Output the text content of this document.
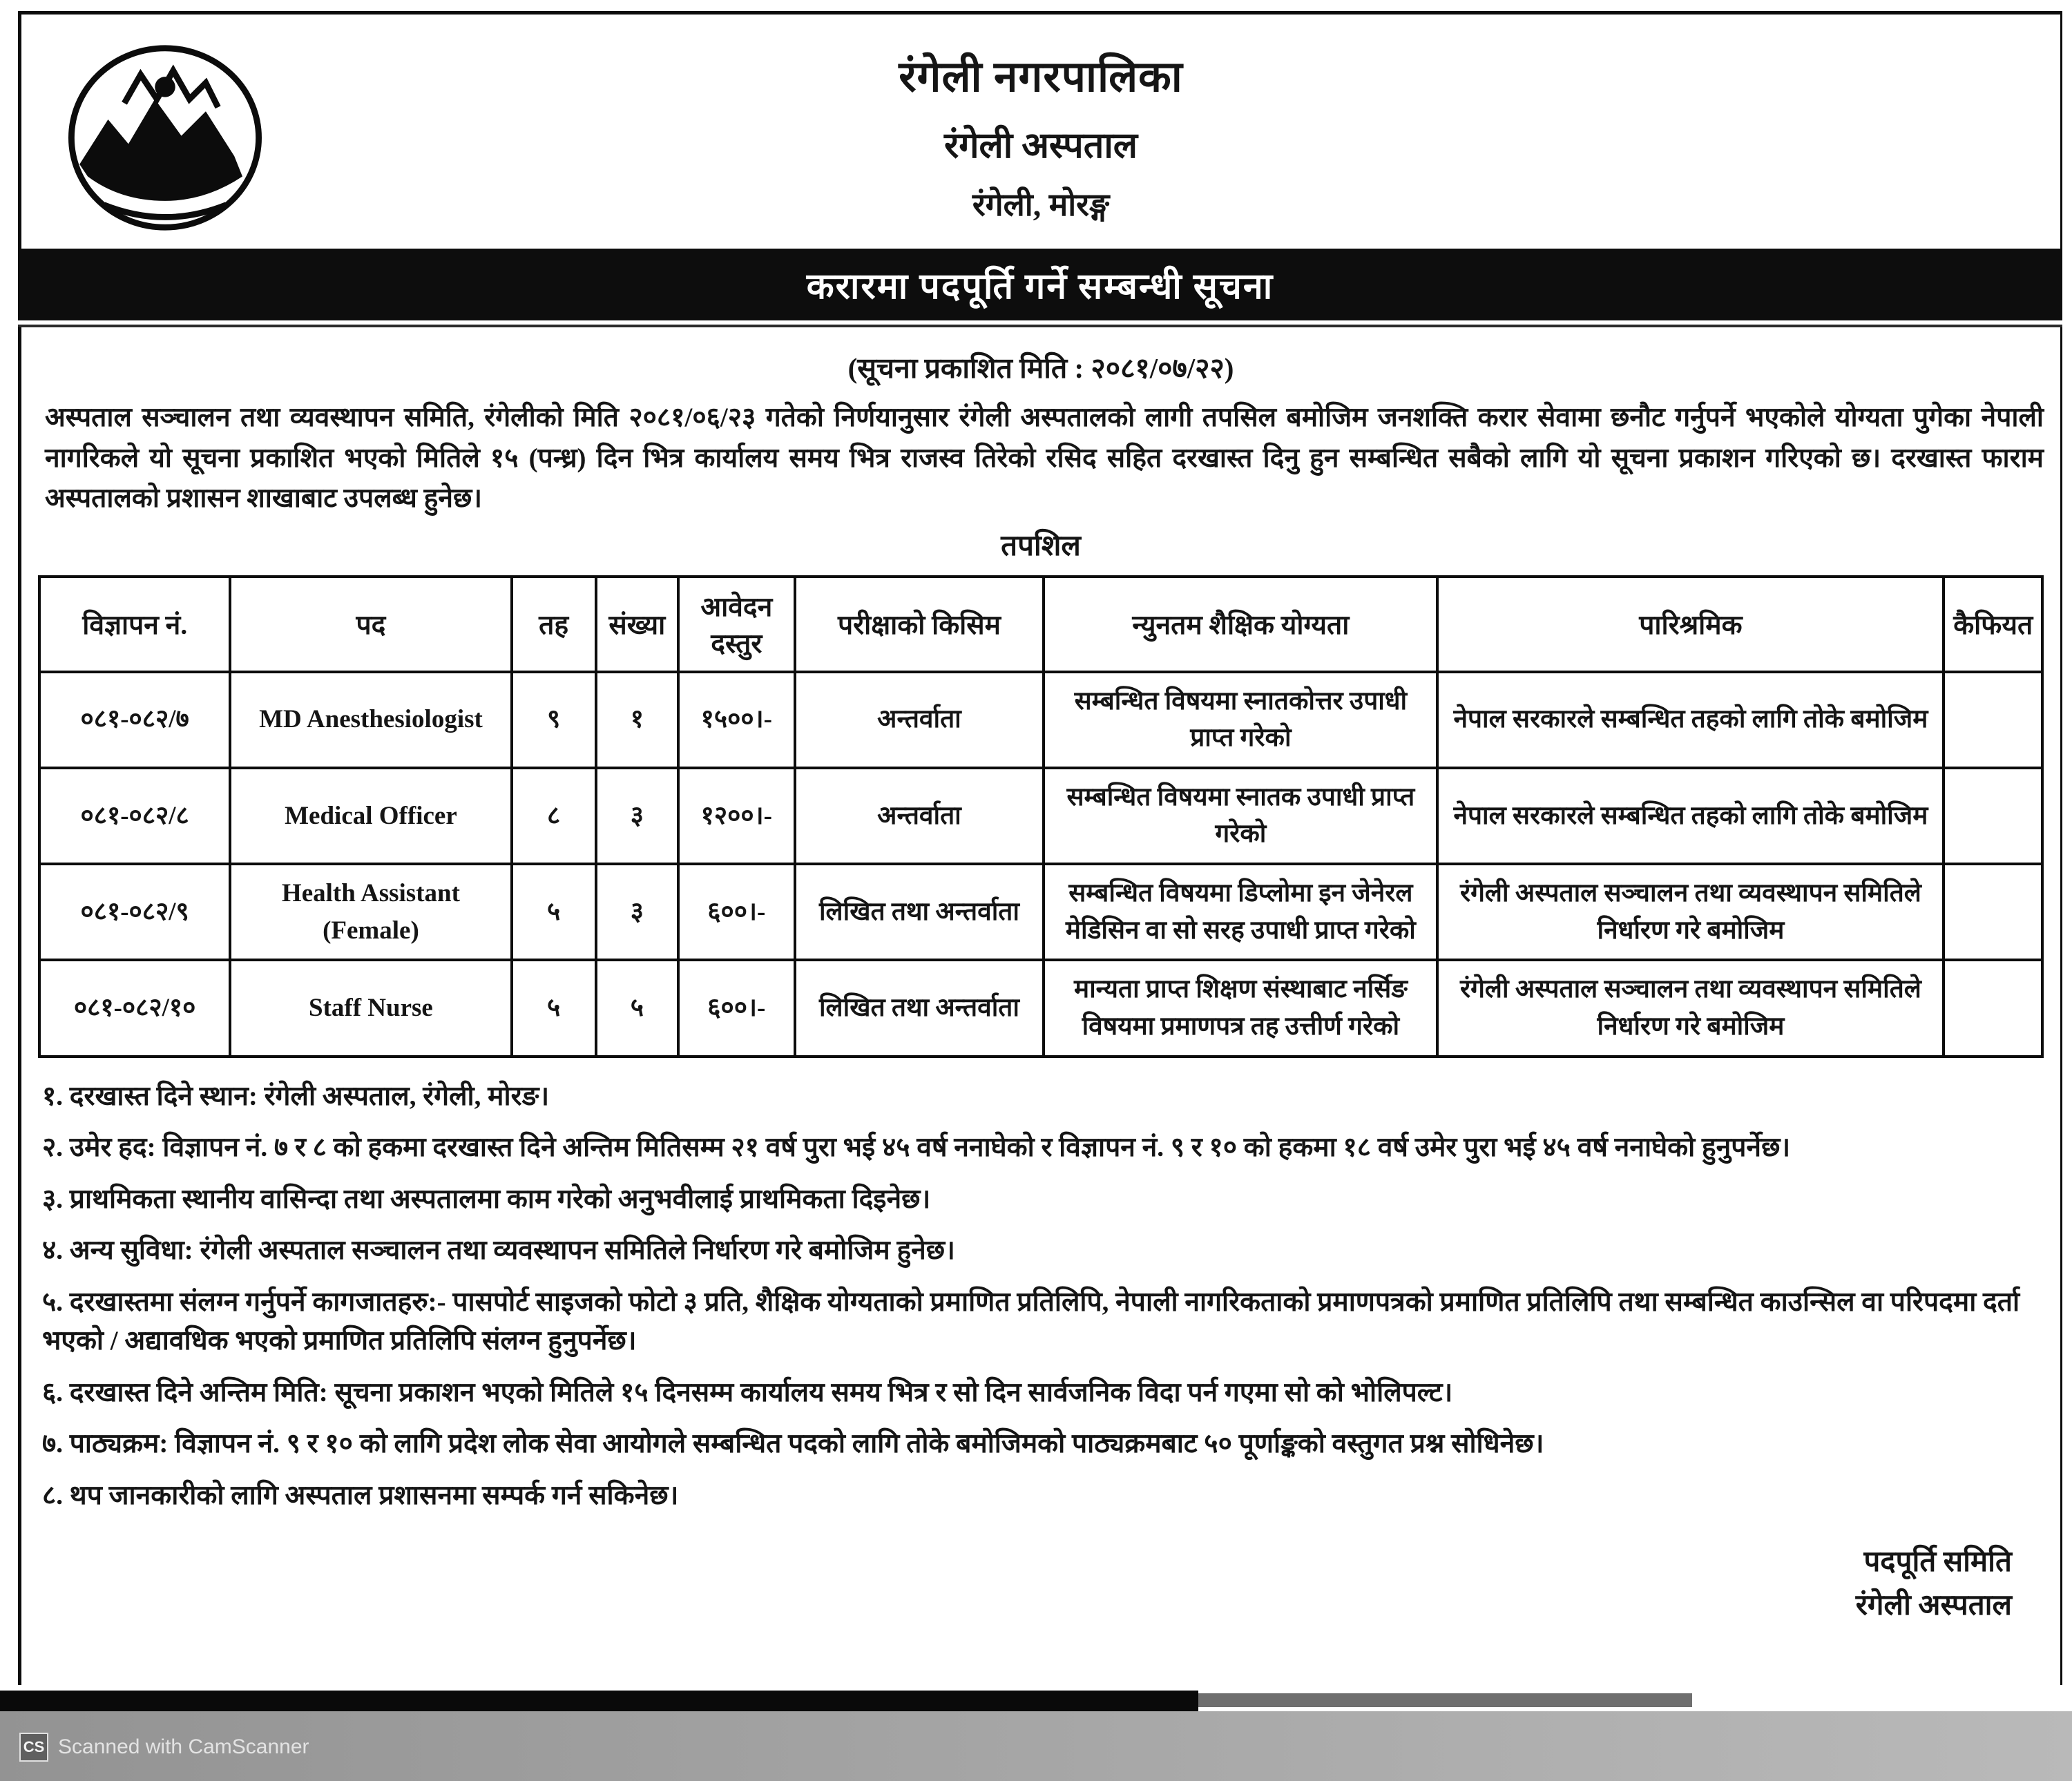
रंगेली नगरपालिका
रंगेली अस्पताल
रंगेली, मोरङ्ग
करारमा पदपूर्ति गर्ने सम्बन्धी सूचना
(सूचना प्रकाशित मिति : २०८१/०७/२२)

अस्पताल सञ्चालन तथा व्यवस्थापन समिति, रंगेलीको मिति २०८१/०६/२३ गतेको निर्णयानुसार रंगेली अस्पतालको लागी तपसिल बमोजिम जनशक्ति करार सेवामा छनौट गर्नुपर्ने भएकोले योग्यता पुगेका नेपाली नागरिकले यो सूचना प्रकाशित भएको मितिले १५ (पन्ध्र) दिन भित्र कार्यालय समय भित्र राजस्व तिरेको रसिद सहित दरखास्त दिनु हुन सम्बन्धित सबैको लागि यो सूचना प्रकाशन गरिएको छ। दरखास्त फाराम अस्पतालको प्रशासन शाखाबाट उपलब्ध हुनेछ।

तपशिल
विज्ञापन नं.	पद	तह	संख्या	आवेदन दस्तुर	परीक्षाको किसिम	न्युनतम शैक्षिक योग्यता	पारिश्रमिक	कैफियत
०८१-०८२/७	MD Anesthesiologist	९	१	१५००।-	अन्तर्वाता	सम्बन्धित विषयमा स्नातकोत्तर उपाधी प्राप्त गरेको	नेपाल सरकारले सम्बन्धित तहको लागि तोके बमोजिम	
०८१-०८२/८	Medical Officer	८	३	१२००।-	अन्तर्वाता	सम्बन्धित विषयमा स्नातक उपाधी प्राप्त गरेको	नेपाल सरकारले सम्बन्धित तहको लागि तोके बमोजिम	
०८१-०८२/९	Health Assistant (Female)	५	३	६००।-	लिखित तथा अन्तर्वाता	सम्बन्धित विषयमा डिप्लोमा इन जेनेरल मेडिसिन वा सो सरह उपाधी प्राप्त गरेको	रंगेली अस्पताल सञ्चालन तथा व्यवस्थापन समितिले निर्धारण गरे बमोजिम	
०८१-०८२/१०	Staff Nurse	५	५	६००।-	लिखित तथा अन्तर्वाता	मान्यता प्राप्त शिक्षण संस्थाबाट नर्सिङ विषयमा प्रमाणपत्र तह उत्तीर्ण गरेको	रंगेली अस्पताल सञ्चालन तथा व्यवस्थापन समितिले निर्धारण गरे बमोजिम	
१. दरखास्त दिने स्थान: रंगेली अस्पताल, रंगेली, मोरङ।
२. उमेर हद: विज्ञापन नं. ७ र ८ को हकमा दरखास्त दिने अन्तिम मितिसम्म २१ वर्ष पुरा भई ४५ वर्ष ननाघेको र विज्ञापन नं. ९ र १० को हकमा १८ वर्ष उमेर पुरा भई ४५ वर्ष ननाघेको हुनुपर्नेछ।
३. प्राथमिकता स्थानीय वासिन्दा तथा अस्पतालमा काम गरेको अनुभवीलाई प्राथमिकता दिइनेछ।
४. अन्य सुविधा: रंगेली अस्पताल सञ्चालन तथा व्यवस्थापन समितिले निर्धारण गरे बमोजिम हुनेछ।
५. दरखास्तमा संलग्न गर्नुपर्ने कागजातहरु:- पासपोर्ट साइजको फोटो ३ प्रति, शैक्षिक योग्यताको प्रमाणित प्रतिलिपि, नेपाली नागरिकताको प्रमाणपत्रको प्रमाणित प्रतिलिपि तथा सम्बन्धित काउन्सिल वा परिपदमा दर्ता भएको / अद्यावधिक भएको प्रमाणित प्रतिलिपि संलग्न हुनुपर्नेछ।
६. दरखास्त दिने अन्तिम मिति: सूचना प्रकाशन भएको मितिले १५ दिनसम्म कार्यालय समय भित्र र सो दिन सार्वजनिक विदा पर्न गएमा सो को भोलिपल्ट।
७. पाठ्यक्रम: विज्ञापन नं. ९ र १० को लागि प्रदेश लोक सेवा आयोगले सम्बन्धित पदको लागि तोके बमोजिमको पाठ्यक्रमबाट ५० पूर्णाङ्कको वस्तुगत प्रश्न सोधिनेछ।
८. थप जानकारीको लागि अस्पताल प्रशासनमा सम्पर्क गर्न सकिनेछ।
पदपूर्ति समिति
रंगेली अस्पताल
CS Scanned with CamScanner
